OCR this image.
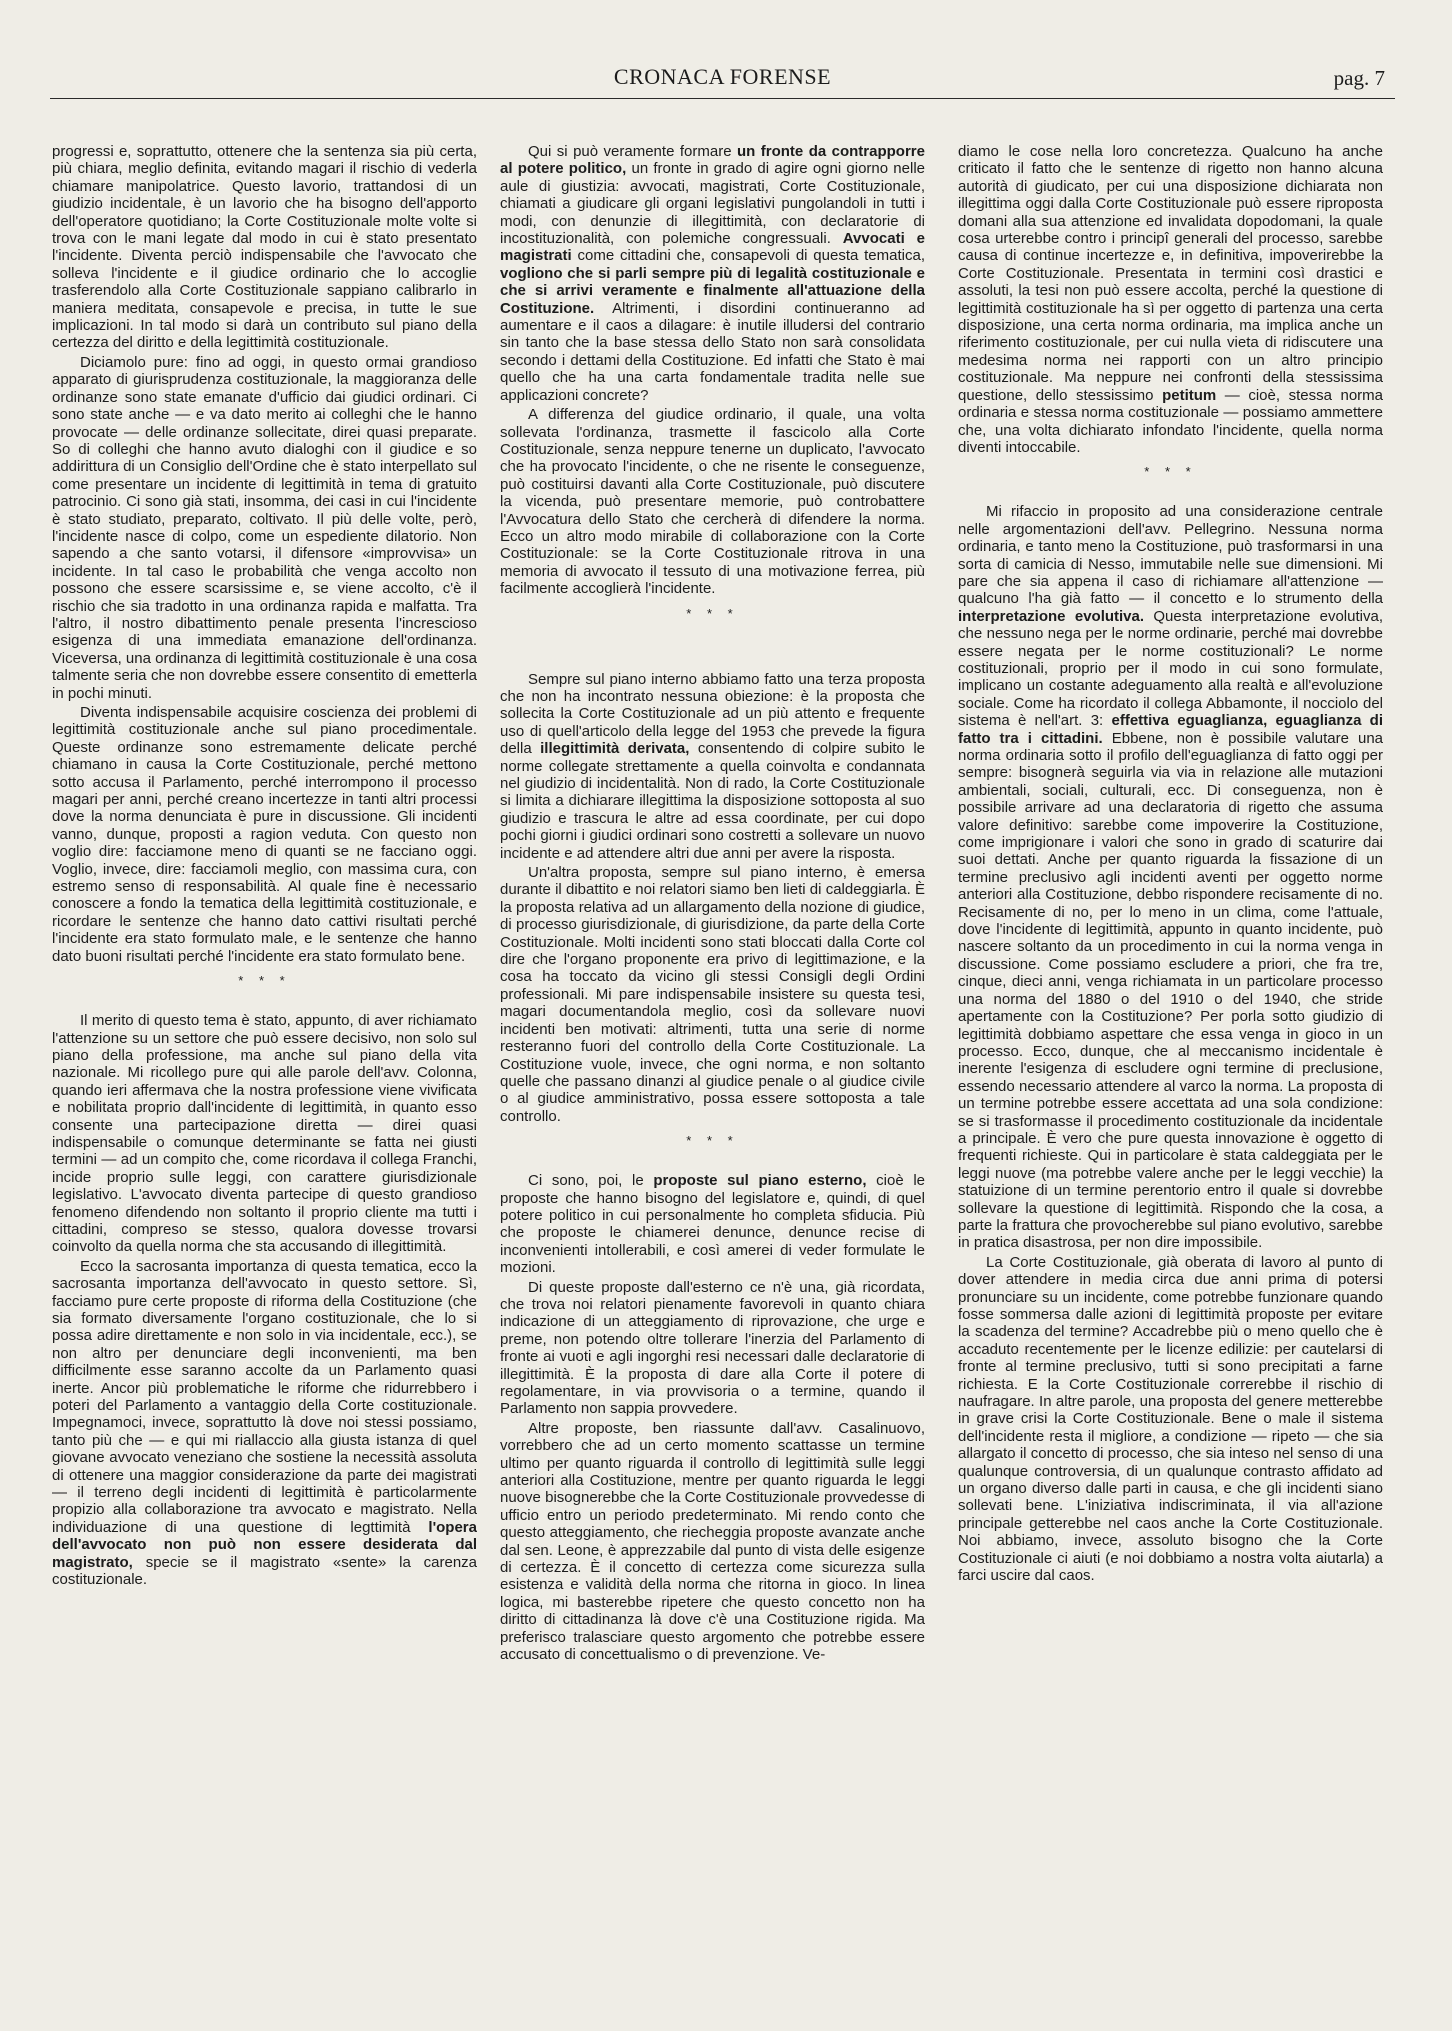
CRONACA FORENSE	pag. 7

progressi e, soprattutto, ottenere che la sentenza sia più certa, più chiara, meglio definita, evitando magari il rischio di vederla chiamare manipolatrice. Questo lavorio, trattandosi di un giudizio incidentale, è un lavorio che ha bisogno dell'apporto dell'operatore quotidiano; la Corte Costituzionale molte volte si trova con le mani legate dal modo in cui è stato presentato l'incidente. Diventa perciò indispensabile che l'avvocato che solleva l'incidente e il giudice ordinario che lo accoglie trasferendolo alla Corte Costituzionale sappiano calibrarlo in maniera meditata, consapevole e precisa, in tutte le sue implicazioni. In tal modo si darà un contributo sul piano della certezza del diritto e della legittimità costituzionale.

Diciamolo pure: fino ad oggi, in questo ormai grandioso apparato di giurisprudenza costituzionale, la maggioranza delle ordinanze sono state emanate d'ufficio dai giudici ordinari. Ci sono state anche — e va dato merito ai colleghi che le hanno provocate — delle ordinanze sollecitate, direi quasi preparate. So di colleghi che hanno avuto dialoghi con il giudice e so addirittura di un Consiglio dell'Ordine che è stato interpellato sul come presentare un incidente di legittimità in tema di gratuito patrocinio. Ci sono già stati, insomma, dei casi in cui l'incidente è stato studiato, preparato, coltivato. Il più delle volte, però, l'incidente nasce di colpo, come un espediente dilatorio. Non sapendo a che santo votarsi, il difensore «improvvisa» un incidente. In tal caso le probabilità che venga accolto non possono che essere scarsissime e, se viene accolto, c'è il rischio che sia tradotto in una ordinanza rapida e malfatta. Tra l'altro, il nostro dibattimento penale presenta l'increscioso esigenza di una immediata emanazione dell'ordinanza. Viceversa, una ordinanza di legittimità costituzionale è una cosa talmente seria che non dovrebbe essere consentito di emetterla in pochi minuti.

Diventa indispensabile acquisire coscienza dei problemi di legittimità costituzionale anche sul piano procedimentale. Queste ordinanze sono estremamente delicate perché chiamano in causa la Corte Costituzionale, perché mettono sotto accusa il Parlamento, perché interrompono il processo magari per anni, perché creano incertezze in tanti altri processi dove la norma denunciata è pure in discussione. Gli incidenti vanno, dunque, proposti a ragion veduta. Con questo non voglio dire: facciamone meno di quanti se ne facciano oggi. Voglio, invece, dire: facciamoli meglio, con massima cura, con estremo senso di responsabilità. Al quale fine è necessario conoscere a fondo la tematica della legittimità costituzionale, e ricordare le sentenze che hanno dato cattivi risultati perché l'incidente era stato formulato male, e le sentenze che hanno dato buoni risultati perché l'incidente era stato formulato bene.

* * *

Il merito di questo tema è stato, appunto, di aver richiamato l'attenzione su un settore che può essere decisivo, non solo sul piano della professione, ma anche sul piano della vita nazionale. Mi ricollego pure qui alle parole dell'avv. Colonna, quando ieri affermava che la nostra professione viene vivificata e nobilitata proprio dall'incidente di legittimità, in quanto esso consente una partecipazione diretta — direi quasi indispensabile o comunque determinante se fatta nei giusti termini — ad un compito che, come ricordava il collega Franchi, incide proprio sulle leggi, con carattere giurisdizionale legislativo. L'avvocato diventa partecipe di questo grandioso fenomeno difendendo non soltanto il proprio cliente ma tutti i cittadini, compreso se stesso, qualora dovesse trovarsi coinvolto da quella norma che sta accusando di illegittimità.

Ecco la sacrosanta importanza di questa tematica, ecco la sacrosanta importanza dell'avvocato in questo settore. Sì, facciamo pure certe proposte di riforma della Costituzione (che sia formato diversamente l'organo costituzionale, che lo si possa adire direttamente e non solo in via incidentale, ecc.), se non altro per denunciare degli inconvenienti, ma ben difficilmente esse saranno accolte da un Parlamento quasi inerte. Ancor più problematiche le riforme che ridurrebbero i poteri del Parlamento a vantaggio della Corte costituzionale. Impegnamoci, invece, soprattutto là dove noi stessi possiamo, tanto più che — e qui mi riallaccio alla giusta istanza di quel giovane avvocato veneziano che sostiene la necessità assoluta di ottenere una maggior considerazione da parte dei magistrati — il terreno degli incidenti di legittimità è particolarmente propizio alla collaborazione tra avvocato e magistrato. Nella individuazione di una questione di legttimità l'opera dell'avvocato non può non essere desiderata dal magistrato, specie se il magistrato «sente» la carenza costituzionale.

Qui si può veramente formare un fronte da contrapporre al potere politico, un fronte in grado di agire ogni giorno nelle aule di giustizia: avvocati, magistrati, Corte Costituzionale, chiamati a giudicare gli organi legislativi pungolandoli in tutti i modi, con denunzie di illegittimità, con declaratorie di incostituzionalità, con polemiche congressuali. Avvocati e magistrati come cittadini che, consapevoli di questa tematica, vogliono che si parli sempre più di legalità costituzionale e che si arrivi veramente e finalmente all'attuazione della Costituzione. Altrimenti, i disordini continueranno ad aumentare e il caos a dilagare: è inutile illudersi del contrario sin tanto che la base stessa dello Stato non sarà consolidata secondo i dettami della Costituzione. Ed infatti che Stato è mai quello che ha una carta fondamentale tradita nelle sue applicazioni concrete?

A differenza del giudice ordinario, il quale, una volta sollevata l'ordinanza, trasmette il fascicolo alla Corte Costituzionale, senza neppure tenerne un duplicato, l'avvocato che ha provocato l'incidente, o che ne risente le conseguenze, può costituirsi davanti alla Corte Costituzionale, può discutere la vicenda, può presentare memorie, può controbattere l'Avvocatura dello Stato che cercherà di difendere la norma. Ecco un altro modo mirabile di collaborazione con la Corte Costituzionale: se la Corte Costituzionale ritrova in una memoria di avvocato il tessuto di una motivazione ferrea, più facilmente accoglierà l'incidente.

* * *

Sempre sul piano interno abbiamo fatto una terza proposta che non ha incontrato nessuna obiezione: è la proposta che sollecita la Corte Costituzionale ad un più attento e frequente uso di quell'articolo della legge del 1953 che prevede la figura della illegittimità derivata, consentendo di colpire subito le norme collegate strettamente a quella coinvolta e condannata nel giudizio di incidentalità. Non di rado, la Corte Costituzionale si limita a dichiarare illegittima la disposizione sottoposta al suo giudizio e trascura le altre ad essa coordinate, per cui dopo pochi giorni i giudici ordinari sono costretti a sollevare un nuovo incidente e ad attendere altri due anni per avere la risposta.

Un'altra proposta, sempre sul piano interno, è emersa durante il dibattito e noi relatori siamo ben lieti di caldeggiarla. È la proposta relativa ad un allargamento della nozione di giudice, di processo giurisdizionale, di giurisdizione, da parte della Corte Costituzionale. Molti incidenti sono stati bloccati dalla Corte col dire che l'organo proponente era privo di legittimazione, e la cosa ha toccato da vicino gli stessi Consigli degli Ordini professionali. Mi pare indispensabile insistere su questa tesi, magari documentandola meglio, così da sollevare nuovi incidenti ben motivati: altrimenti, tutta una serie di norme resteranno fuori del controllo della Corte Costituzionale. La Costituzione vuole, invece, che ogni norma, e non soltanto quelle che passano dinanzi al giudice penale o al giudice civile o al giudice amministrativo, possa essere sottoposta a tale controllo.

* * *

Ci sono, poi, le proposte sul piano esterno, cioè le proposte che hanno bisogno del legislatore e, quindi, di quel potere politico in cui personalmente ho completa sfiducia. Più che proposte le chiamerei denunce, denunce recise di inconvenienti intollerabili, e così amerei di veder formulate le mozioni.

Di queste proposte dall'esterno ce n'è una, già ricordata, che trova noi relatori pienamente favorevoli in quanto chiara indicazione di un atteggiamento di riprovazione, che urge e preme, non potendo oltre tollerare l'inerzia del Parlamento di fronte ai vuoti e agli ingorghi resi necessari dalle declaratorie di illegittimità. È la proposta di dare alla Corte il potere di regolamentare, in via provvisoria o a termine, quando il Parlamento non sappia provvedere.

Altre proposte, ben riassunte dall'avv. Casalinuovo, vorrebbero che ad un certo momento scattasse un termine ultimo per quanto riguarda il controllo di legittimità sulle leggi anteriori alla Costituzione, mentre per quanto riguarda le leggi nuove bisognerebbe che la Corte Costituzionale provvedesse di ufficio entro un periodo predeterminato. Mi rendo conto che questo atteggiamento, che riecheggia proposte avanzate anche dal sen. Leone, è apprezzabile dal punto di vista delle esigenze di certezza. È il concetto di certezza come sicurezza sulla esistenza e validità della norma che ritorna in gioco. In linea logica, mi basterebbe ripetere che questo concetto non ha diritto di cittadinanza là dove c'è una Costituzione rigida. Ma preferisco tralasciare questo argomento che potrebbe essere accusato di concettualismo o di prevenzione. Ve-

diamo le cose nella loro concretezza. Qualcuno ha anche criticato il fatto che le sentenze di rigetto non hanno alcuna autorità di giudicato, per cui una disposizione dichiarata non illegittima oggi dalla Corte Costituzionale può essere riproposta domani alla sua attenzione ed invalidata dopodomani, la quale cosa urterebbe contro i principî generali del processo, sarebbe causa di continue incertezze e, in definitiva, impoverirebbe la Corte Costituzionale. Presentata in termini così drastici e assoluti, la tesi non può essere accolta, perché la questione di legittimità costituzionale ha sì per oggetto di partenza una certa disposizione, una certa norma ordinaria, ma implica anche un riferimento costituzionale, per cui nulla vieta di ridiscutere una medesima norma nei rapporti con un altro principio costituzionale. Ma neppure nei confronti della stessissima questione, dello stessissimo petitum — cioè, stessa norma ordinaria e stessa norma costituzionale — possiamo ammettere che, una volta dichiarato infondato l'incidente, quella norma diventi intoccabile.

* * *

Mi rifaccio in proposito ad una considerazione centrale nelle argomentazioni dell'avv. Pellegrino. Nessuna norma ordinaria, e tanto meno la Costituzione, può trasformarsi in una sorta di camicia di Nesso, immutabile nelle sue dimensioni. Mi pare che sia appena il caso di richiamare all'attenzione — qualcuno l'ha già fatto — il concetto e lo strumento della interpretazione evolutiva. Questa interpretazione evolutiva, che nessuno nega per le norme ordinarie, perché mai dovrebbe essere negata per le norme costituzionali? Le norme costituzionali, proprio per il modo in cui sono formulate, implicano un costante adeguamento alla realtà e all'evoluzione sociale. Come ha ricordato il collega Abbamonte, il nocciolo del sistema è nell'art. 3: effettiva eguaglianza, eguaglianza di fatto tra i cittadini. Ebbene, non è possibile valutare una norma ordinaria sotto il profilo dell'eguaglianza di fatto oggi per sempre: bisognerà seguirla via via in relazione alle mutazioni ambientali, sociali, culturali, ecc. Di conseguenza, non è possibile arrivare ad una declaratoria di rigetto che assuma valore definitivo: sarebbe come impoverire la Costituzione, come imprigionare i valori che sono in grado di scaturire dai suoi dettati. Anche per quanto riguarda la fissazione di un termine preclusivo agli incidenti aventi per oggetto norme anteriori alla Costituzione, debbo rispondere recisamente di no. Recisamente di no, per lo meno in un clima, come l'attuale, dove l'incidente di legittimità, appunto in quanto incidente, può nascere soltanto da un procedimento in cui la norma venga in discussione. Come possiamo escludere a priori, che fra tre, cinque, dieci anni, venga richiamata in un particolare processo una norma del 1880 o del 1910 o del 1940, che stride apertamente con la Costituzione? Per porla sotto giudizio di legittimità dobbiamo aspettare che essa venga in gioco in un processo. Ecco, dunque, che al meccanismo incidentale è inerente l'esigenza di escludere ogni termine di preclusione, essendo necessario attendere al varco la norma. La proposta di un termine potrebbe essere accettata ad una sola condizione: se si trasformasse il procedimento costituzionale da incidentale a principale. È vero che pure questa innovazione è oggetto di frequenti richieste. Qui in particolare è stata caldeggiata per le leggi nuove (ma potrebbe valere anche per le leggi vecchie) la statuizione di un termine perentorio entro il quale si dovrebbe sollevare la questione di legittimità. Rispondo che la cosa, a parte la frattura che provocherebbe sul piano evolutivo, sarebbe in pratica disastrosa, per non dire impossibile.

La Corte Costituzionale, già oberata di lavoro al punto di dover attendere in media circa due anni prima di potersi pronunciare su un incidente, come potrebbe funzionare quando fosse sommersa dalle azioni di legittimità proposte per evitare la scadenza del termine? Accadrebbe più o meno quello che è accaduto recentemente per le licenze edilizie: per cautelarsi di fronte al termine preclusivo, tutti si sono precipitati a farne richiesta. E la Corte Costituzionale correrebbe il rischio di naufragare. In altre parole, una proposta del genere metterebbe in grave crisi la Corte Costituzionale. Bene o male il sistema dell'incidente resta il migliore, a condizione — ripeto — che sia allargato il concetto di processo, che sia inteso nel senso di una qualunque controversia, di un qualunque contrasto affidato ad un organo diverso dalle parti in causa, e che gli incidenti siano sollevati bene. L'iniziativa indiscriminata, il via all'azione principale getterebbe nel caos anche la Corte Costituzionale. Noi abbiamo, invece, assoluto bisogno che la Corte Costituzionale ci aiuti (e noi dobbiamo a nostra volta aiutarla) a farci uscire dal caos.
